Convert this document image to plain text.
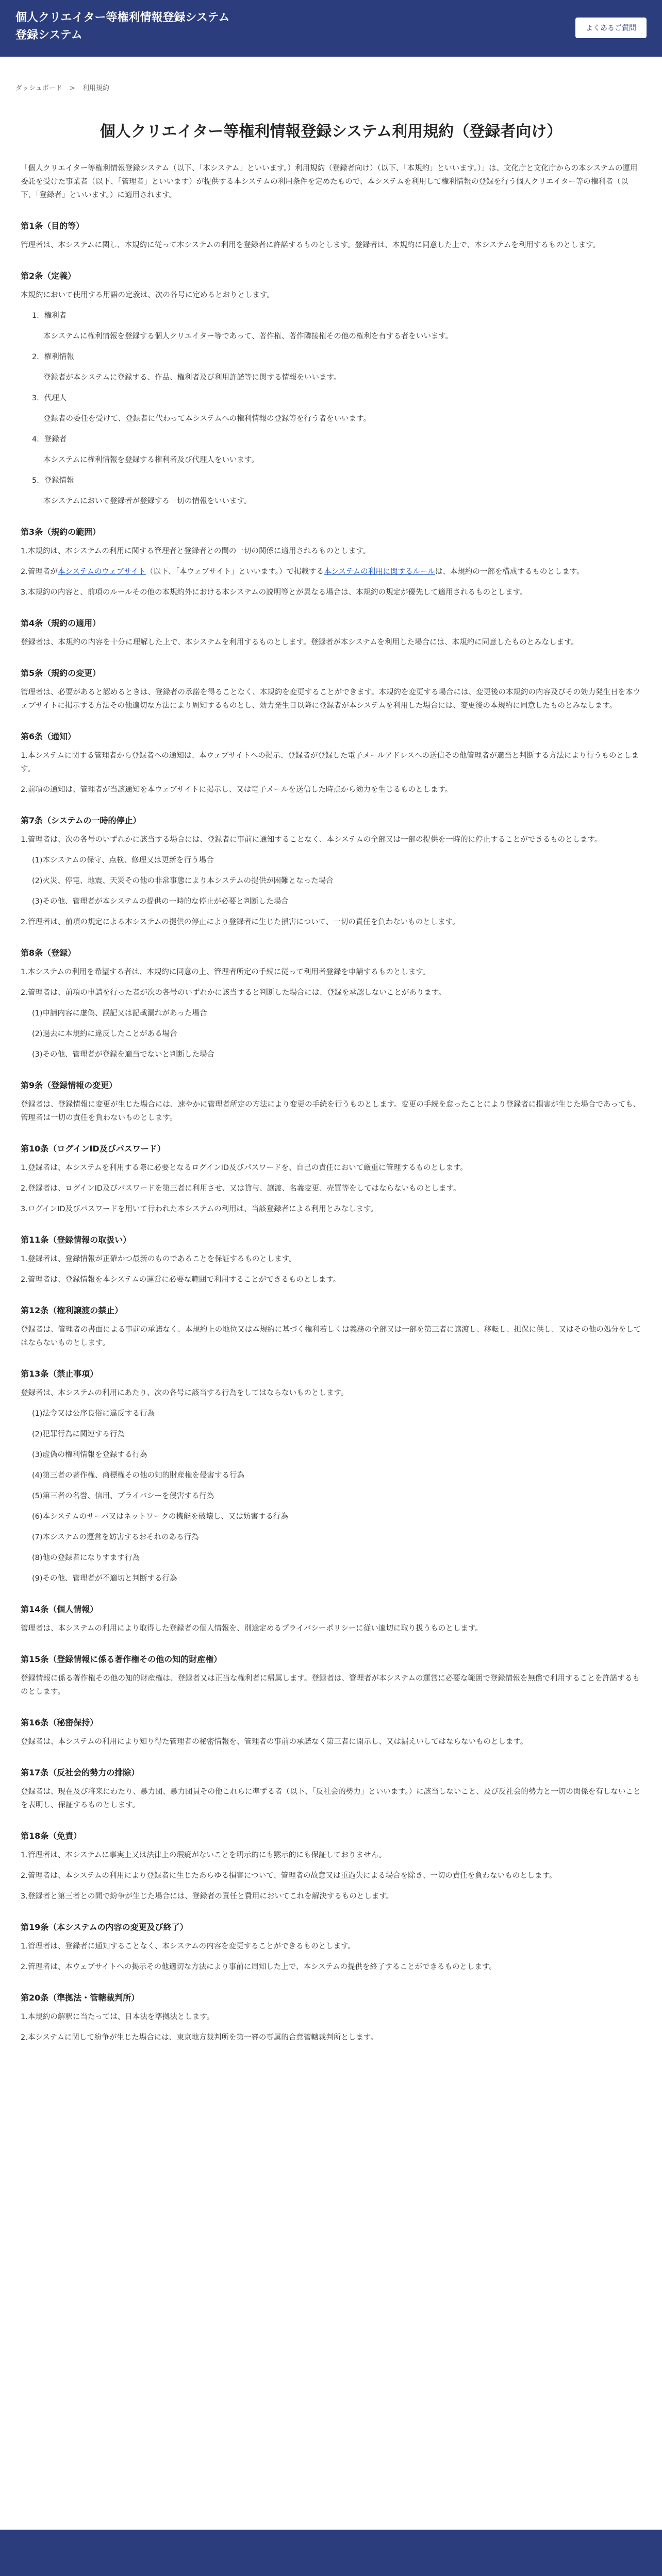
個人クリエイター等権利情報登録システム
登録システム
よくあるご質問
ダッシュボード > 利用規約
個人クリエイター等権利情報登録システム利用規約（登録者向け）

「個人クリエイター等権利情報登録システム（以下、「本システム」といいます。）利用規約（登録者向け）（以下、「本規約」といいます。）」は、文化庁と文化庁からの本システムの運用委託を受けた事業者（以下、「管理者」といいます）が提供する本システムの利用条件を定めたもので、本システムを利用して権利情報の登録を行う個人クリエイター等の権利者（以下、「登録者」といいます。）に適用されます。

第1条（目的等）

管理者は、本システムに関し、本規約に従って本システムの利用を登録者に許諾するものとします。登録者は、本規約に同意した上で、本システムを利用するものとします。

第2条（定義）

本規約において使用する用語の定義は、次の各号に定めるとおりとします。

1．権利者

本システムに権利情報を登録する個人クリエイター等であって、著作権、著作隣接権その他の権利を有する者をいいます。

2．権利情報

登録者が本システムに登録する、作品、権利者及び利用許諾等に関する情報をいいます。

3．代理人

登録者の委任を受けて、登録者に代わって本システムへの権利情報の登録等を行う者をいいます。

4．登録者

本システムに権利情報を登録する権利者及び代理人をいいます。

5．登録情報

本システムにおいて登録者が登録する一切の情報をいいます。

第3条（規約の範囲）

1.本規約は、本システムの利用に関する管理者と登録者との間の一切の関係に適用されるものとします。

2.管理者が本システムのウェブサイト（以下、「本ウェブサイト」といいます。）で掲載する本システムの利用に関するルールは、本規約の一部を構成するものとします。

3.本規約の内容と、前項のルールその他の本規約外における本システムの説明等とが異なる場合は、本規約の規定が優先して適用されるものとします。

第4条（規約の適用）

登録者は、本規約の内容を十分に理解した上で、本システムを利用するものとします。登録者が本システムを利用した場合には、本規約に同意したものとみなします。

第5条（規約の変更）

管理者は、必要があると認めるときは、登録者の承諾を得ることなく、本規約を変更することができます。本規約を変更する場合には、変更後の本規約の内容及びその効力発生日を本ウェブサイトに掲示する方法その他適切な方法により周知するものとし、効力発生日以降に登録者が本システムを利用した場合には、変更後の本規約に同意したものとみなします。

第6条（通知）

1.本システムに関する管理者から登録者への通知は、本ウェブサイトへの掲示、登録者が登録した電子メールアドレスへの送信その他管理者が適当と判断する方法により行うものとします。

2.前項の通知は、管理者が当該通知を本ウェブサイトに掲示し、又は電子メールを送信した時点から効力を生じるものとします。

第7条（システムの一時的停止）

1.管理者は、次の各号のいずれかに該当する場合には、登録者に事前に通知することなく、本システムの全部又は一部の提供を一時的に停止することができるものとします。

(1)本システムの保守、点検、修理又は更新を行う場合

(2)火災、停電、地震、天災その他の非常事態により本システムの提供が困難となった場合

(3)その他、管理者が本システムの提供の一時的な停止が必要と判断した場合

2.管理者は、前項の規定による本システムの提供の停止により登録者に生じた損害について、一切の責任を負わないものとします。

第8条（登録）

1.本システムの利用を希望する者は、本規約に同意の上、管理者所定の手続に従って利用者登録を申請するものとします。

2.管理者は、前項の申請を行った者が次の各号のいずれかに該当すると判断した場合には、登録を承認しないことがあります。

(1)申請内容に虚偽、誤記又は記載漏れがあった場合

(2)過去に本規約に違反したことがある場合

(3)その他、管理者が登録を適当でないと判断した場合

第9条（登録情報の変更）

登録者は、登録情報に変更が生じた場合には、速やかに管理者所定の方法により変更の手続を行うものとします。変更の手続を怠ったことにより登録者に損害が生じた場合であっても、管理者は一切の責任を負わないものとします。

第10条（ログインID及びパスワード）

1.登録者は、本システムを利用する際に必要となるログインID及びパスワードを、自己の責任において厳重に管理するものとします。

2.登録者は、ログインID及びパスワードを第三者に利用させ、又は貸与、譲渡、名義変更、売買等をしてはならないものとします。

3.ログインID及びパスワードを用いて行われた本システムの利用は、当該登録者による利用とみなします。

第11条（登録情報の取扱い）

1.登録者は、登録情報が正確かつ最新のものであることを保証するものとします。

2.管理者は、登録情報を本システムの運営に必要な範囲で利用することができるものとします。

第12条（権利譲渡の禁止）

登録者は、管理者の書面による事前の承諾なく、本規約上の地位又は本規約に基づく権利若しくは義務の全部又は一部を第三者に譲渡し、移転し、担保に供し、又はその他の処分をしてはならないものとします。

第13条（禁止事項）

登録者は、本システムの利用にあたり、次の各号に該当する行為をしてはならないものとします。

(1)法令又は公序良俗に違反する行為

(2)犯罪行為に関連する行為

(3)虚偽の権利情報を登録する行為

(4)第三者の著作権、商標権その他の知的財産権を侵害する行為

(5)第三者の名誉、信用、プライバシーを侵害する行為

(6)本システムのサーバ又はネットワークの機能を破壊し、又は妨害する行為

(7)本システムの運営を妨害するおそれのある行為

(8)他の登録者になりすます行為

(9)その他、管理者が不適切と判断する行為

第14条（個人情報）

管理者は、本システムの利用により取得した登録者の個人情報を、別途定めるプライバシーポリシーに従い適切に取り扱うものとします。

第15条（登録情報に係る著作権その他の知的財産権）

登録情報に係る著作権その他の知的財産権は、登録者又は正当な権利者に帰属します。登録者は、管理者が本システムの運営に必要な範囲で登録情報を無償で利用することを許諾するものとします。

第16条（秘密保持）

登録者は、本システムの利用により知り得た管理者の秘密情報を、管理者の事前の承諾なく第三者に開示し、又は漏えいしてはならないものとします。

第17条（反社会的勢力の排除）

登録者は、現在及び将来にわたり、暴力団、暴力団員その他これらに準ずる者（以下、「反社会的勢力」といいます。）に該当しないこと、及び反社会的勢力と一切の関係を有しないことを表明し、保証するものとします。

第18条（免責）

1.管理者は、本システムに事実上又は法律上の瑕疵がないことを明示的にも黙示的にも保証しておりません。

2.管理者は、本システムの利用により登録者に生じたあらゆる損害について、管理者の故意又は重過失による場合を除き、一切の責任を負わないものとします。

3.登録者と第三者との間で紛争が生じた場合には、登録者の責任と費用においてこれを解決するものとします。

第19条（本システムの内容の変更及び終了）

1.管理者は、登録者に通知することなく、本システムの内容を変更することができるものとします。

2.管理者は、本ウェブサイトへの掲示その他適切な方法により事前に周知した上で、本システムの提供を終了することができるものとします。

第20条（準拠法・管轄裁判所）

1.本規約の解釈に当たっては、日本法を準拠法とします。

2.本システムに関して紛争が生じた場合には、東京地方裁判所を第一審の専属的合意管轄裁判所とします。
